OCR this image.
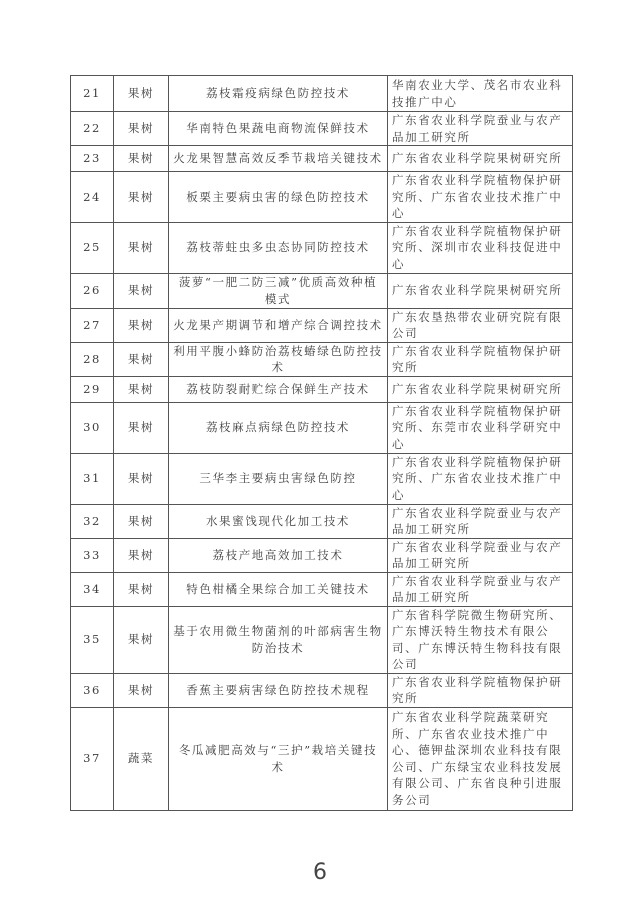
21	果树	荔枝霜疫病绿色防控技术	华南农业大学、茂名市农业科技推广中心
22	果树	华南特色果蔬电商物流保鲜技术	广东省农业科学院蚕业与农产品加工研究所
23	果树	火龙果智慧高效反季节栽培关键技术	广东省农业科学院果树研究所
24	果树	板栗主要病虫害的绿色防控技术	广东省农业科学院植物保护研究所、广东省农业技术推广中心
25	果树	荔枝蒂蛀虫多虫态协同防控技术	广东省农业科学院植物保护研究所、深圳市农业科技促进中心
26	果树	菠萝“一肥二防三减”优质高效种植模式	广东省农业科学院果树研究所
27	果树	火龙果产期调节和增产综合调控技术	广东农垦热带农业研究院有限公司
28	果树	利用平腹小蜂防治荔枝蝽绿色防控技术	广东省农业科学院植物保护研究所
29	果树	荔枝防裂耐贮综合保鲜生产技术	广东省农业科学院果树研究所
30	果树	荔枝麻点病绿色防控技术	广东省农业科学院植物保护研究所、东莞市农业科学研究中心
31	果树	三华李主要病虫害绿色防控	广东省农业科学院植物保护研究所、广东省农业技术推广中心
32	果树	水果蜜饯现代化加工技术	广东省农业科学院蚕业与农产品加工研究所
33	果树	荔枝产地高效加工技术	广东省农业科学院蚕业与农产品加工研究所
34	果树	特色柑橘全果综合加工关键技术	广东省农业科学院蚕业与农产品加工研究所
35	果树	基于农用微生物菌剂的叶部病害生物防治技术	广东省科学院微生物研究所、广东博沃特生物技术有限公司、广东博沃特生物科技有限公司
36	果树	香蕉主要病害绿色防控技术规程	广东省农业科学院植物保护研究所
37	蔬菜	冬瓜减肥高效与“三护”栽培关键技术	广东省农业科学院蔬菜研究所、广东省农业技术推广中心、德钾盐深圳农业科技有限公司、广东绿宝农业科技发展有限公司、广东省良种引进服务公司
6
